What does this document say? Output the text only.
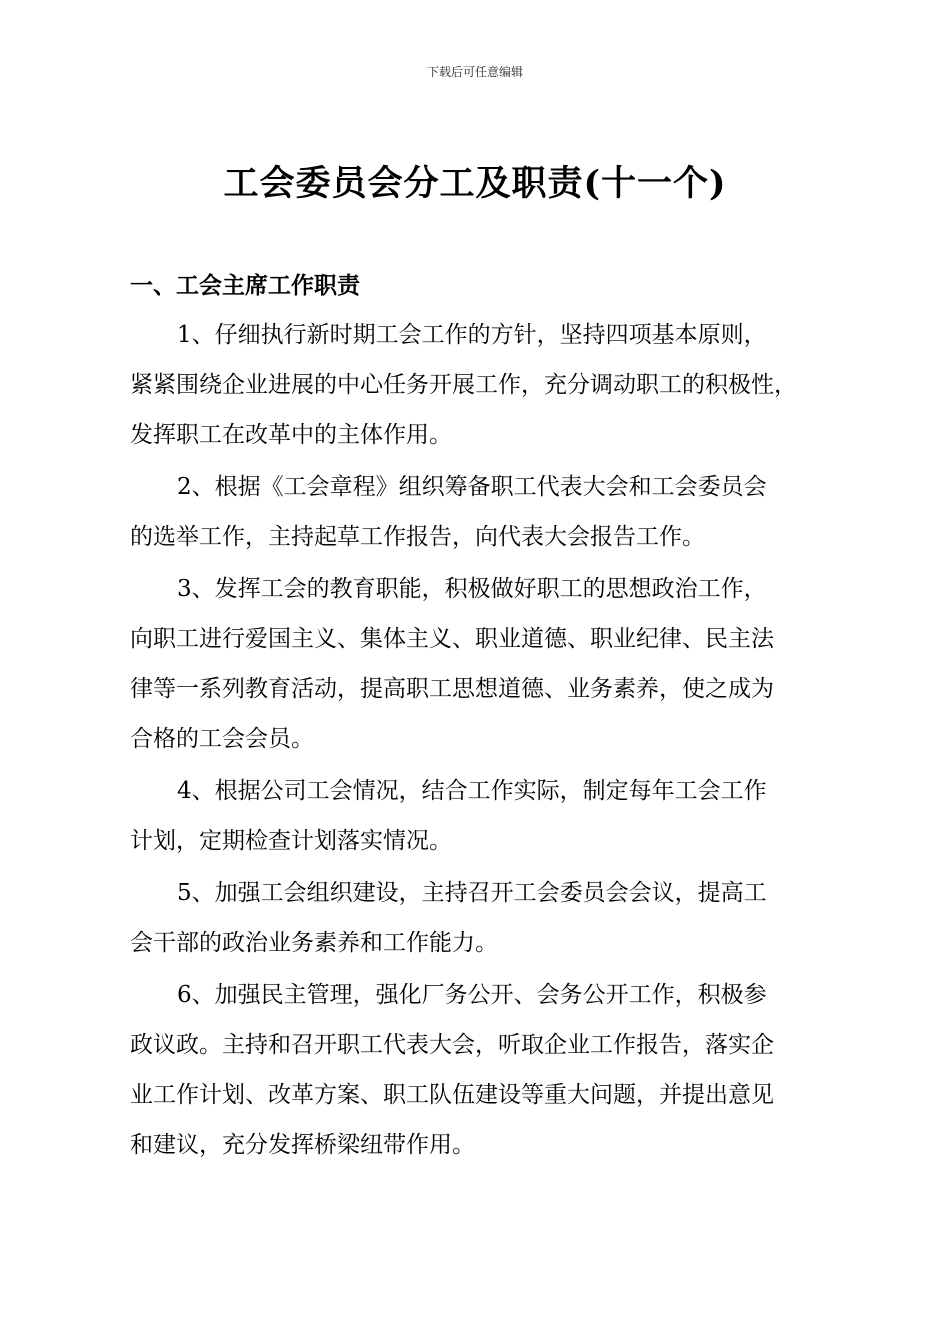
下载后可任意编辑
工会委员会分工及职责(十一个)
一、工会主席工作职责
1、仔细执行新时期工会工作的方针，坚持四项基本原则，
紧紧围绕企业进展的中心任务开展工作，充分调动职工的积极性，
发挥职工在改革中的主体作用。
2、根据《工会章程》组织筹备职工代表大会和工会委员会
的选举工作，主持起草工作报告，向代表大会报告工作。
3、发挥工会的教育职能，积极做好职工的思想政治工作，
向职工进行爱国主义、集体主义、职业道德、职业纪律、民主法
律等一系列教育活动，提高职工思想道德、业务素养，使之成为
合格的工会会员。
4、根据公司工会情况，结合工作实际，制定每年工会工作
计划，定期检查计划落实情况。
5、加强工会组织建设，主持召开工会委员会会议，提高工
会干部的政治业务素养和工作能力。
6、加强民主管理，强化厂务公开、会务公开工作，积极参
政议政。主持和召开职工代表大会，听取企业工作报告，落实企
业工作计划、改革方案、职工队伍建设等重大问题，并提出意见
和建议，充分发挥桥梁纽带作用。
